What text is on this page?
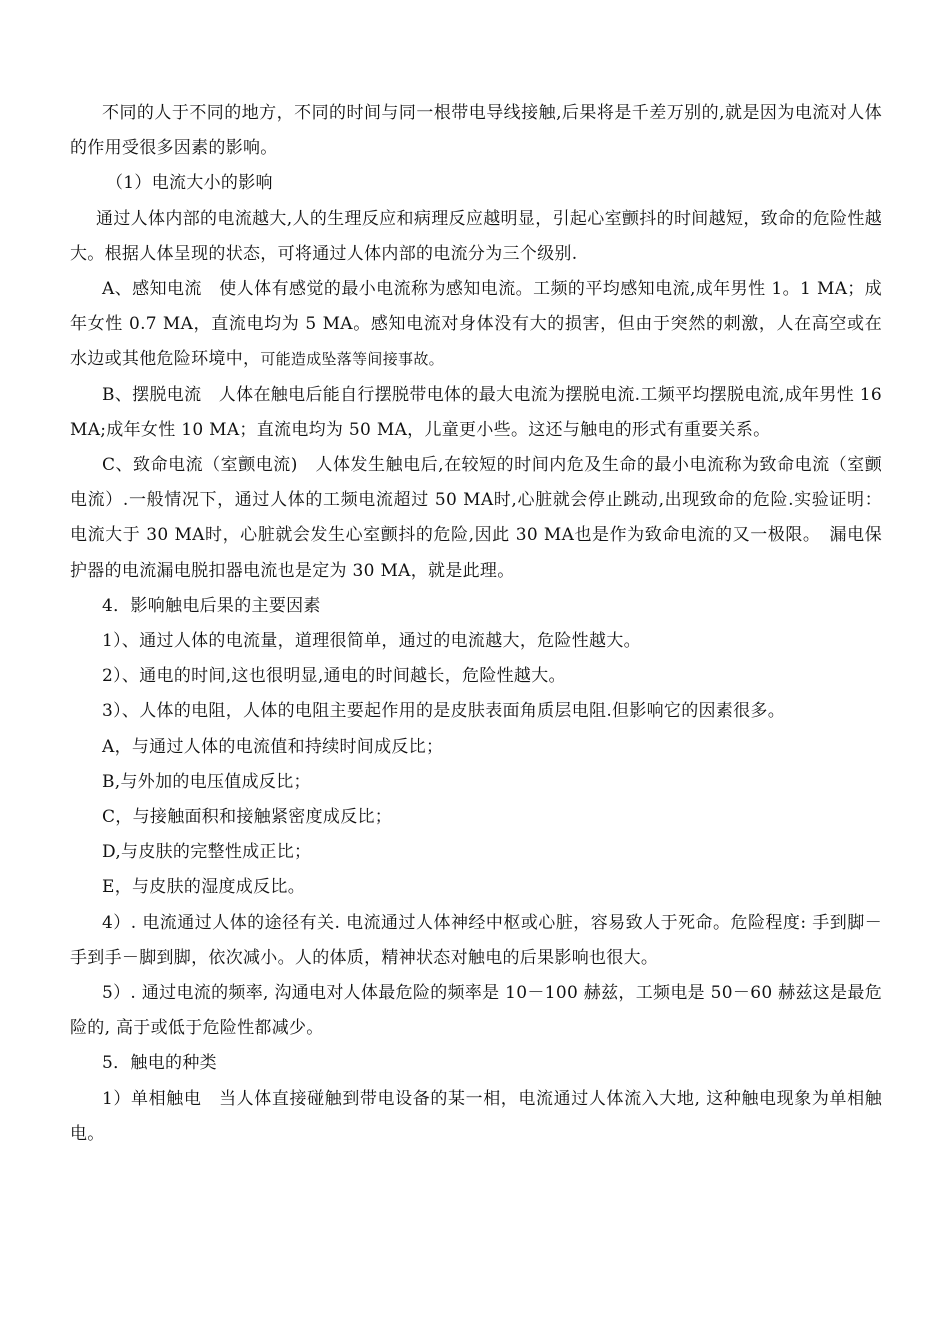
不同的人于不同的地方，不同的时间与同一根带电导线接触,后果将是千差万别的,就是因为电流对人体的作用受很多因素的影响。

（1）电流大小的影响

通过人体内部的电流越大,人的生理反应和病理反应越明显，引起心室颤抖的时间越短，致命的危险性越大。根据人体呈现的状态，可将通过人体内部的电流分为三个级别.

A、感知电流　使人体有感觉的最小电流称为感知电流。工频的平均感知电流,成年男性 1。1 MA；成年女性 0.7 MA，直流电均为 5 MA。感知电流对身体没有大的损害，但由于突然的刺激，人在高空或在水边或其他危险环境中，可能造成坠落等间接事故。

B、摆脱电流　人体在触电后能自行摆脱带电体的最大电流为摆脱电流.工频平均摆脱电流,成年男性 16 MA;成年女性 10 MA；直流电均为 50 MA，儿童更小些。这还与触电的形式有重要关系。

C、致命电流（室颤电流)　人体发生触电后,在较短的时间内危及生命的最小电流称为致命电流（室颤电流）.一般情况下，通过人体的工频电流超过 50 MA时,心脏就会停止跳动,出现致命的危险.实验证明：电流大于 30 MA时，心脏就会发生心室颤抖的危险,因此 30 MA也是作为致命电流的又一极限。　漏电保护器的电流漏电脱扣器电流也是定为 30 MA，就是此理。

4．影响触电后果的主要因素

1）、通过人体的电流量，道理很简单，通过的电流越大，危险性越大。

2）、通电的时间,这也很明显,通电的时间越长，危险性越大。

3）、人体的电阻，人体的电阻主要起作用的是皮肤表面角质层电阻.但影响它的因素很多。

A，与通过人体的电流值和持续时间成反比；

B,与外加的电压值成反比；

C，与接触面积和接触紧密度成反比；

D,与皮肤的完整性成正比；

E，与皮肤的湿度成反比。

4）. 电流通过人体的途径有关. 电流通过人体神经中枢或心脏，容易致人于死命。危险程度: 手到脚－手到手－脚到脚，依次减小。人的体质，精神状态对触电的后果影响也很大。

5）. 通过电流的频率, 沟通电对人体最危险的频率是 10－100 赫兹，工频电是 50－60 赫兹这是最危险的, 高于或低于危险性都减少。

5．触电的种类

1）单相触电　当人体直接碰触到带电设备的某一相，电流通过人体流入大地, 这种触电现象为单相触电。
